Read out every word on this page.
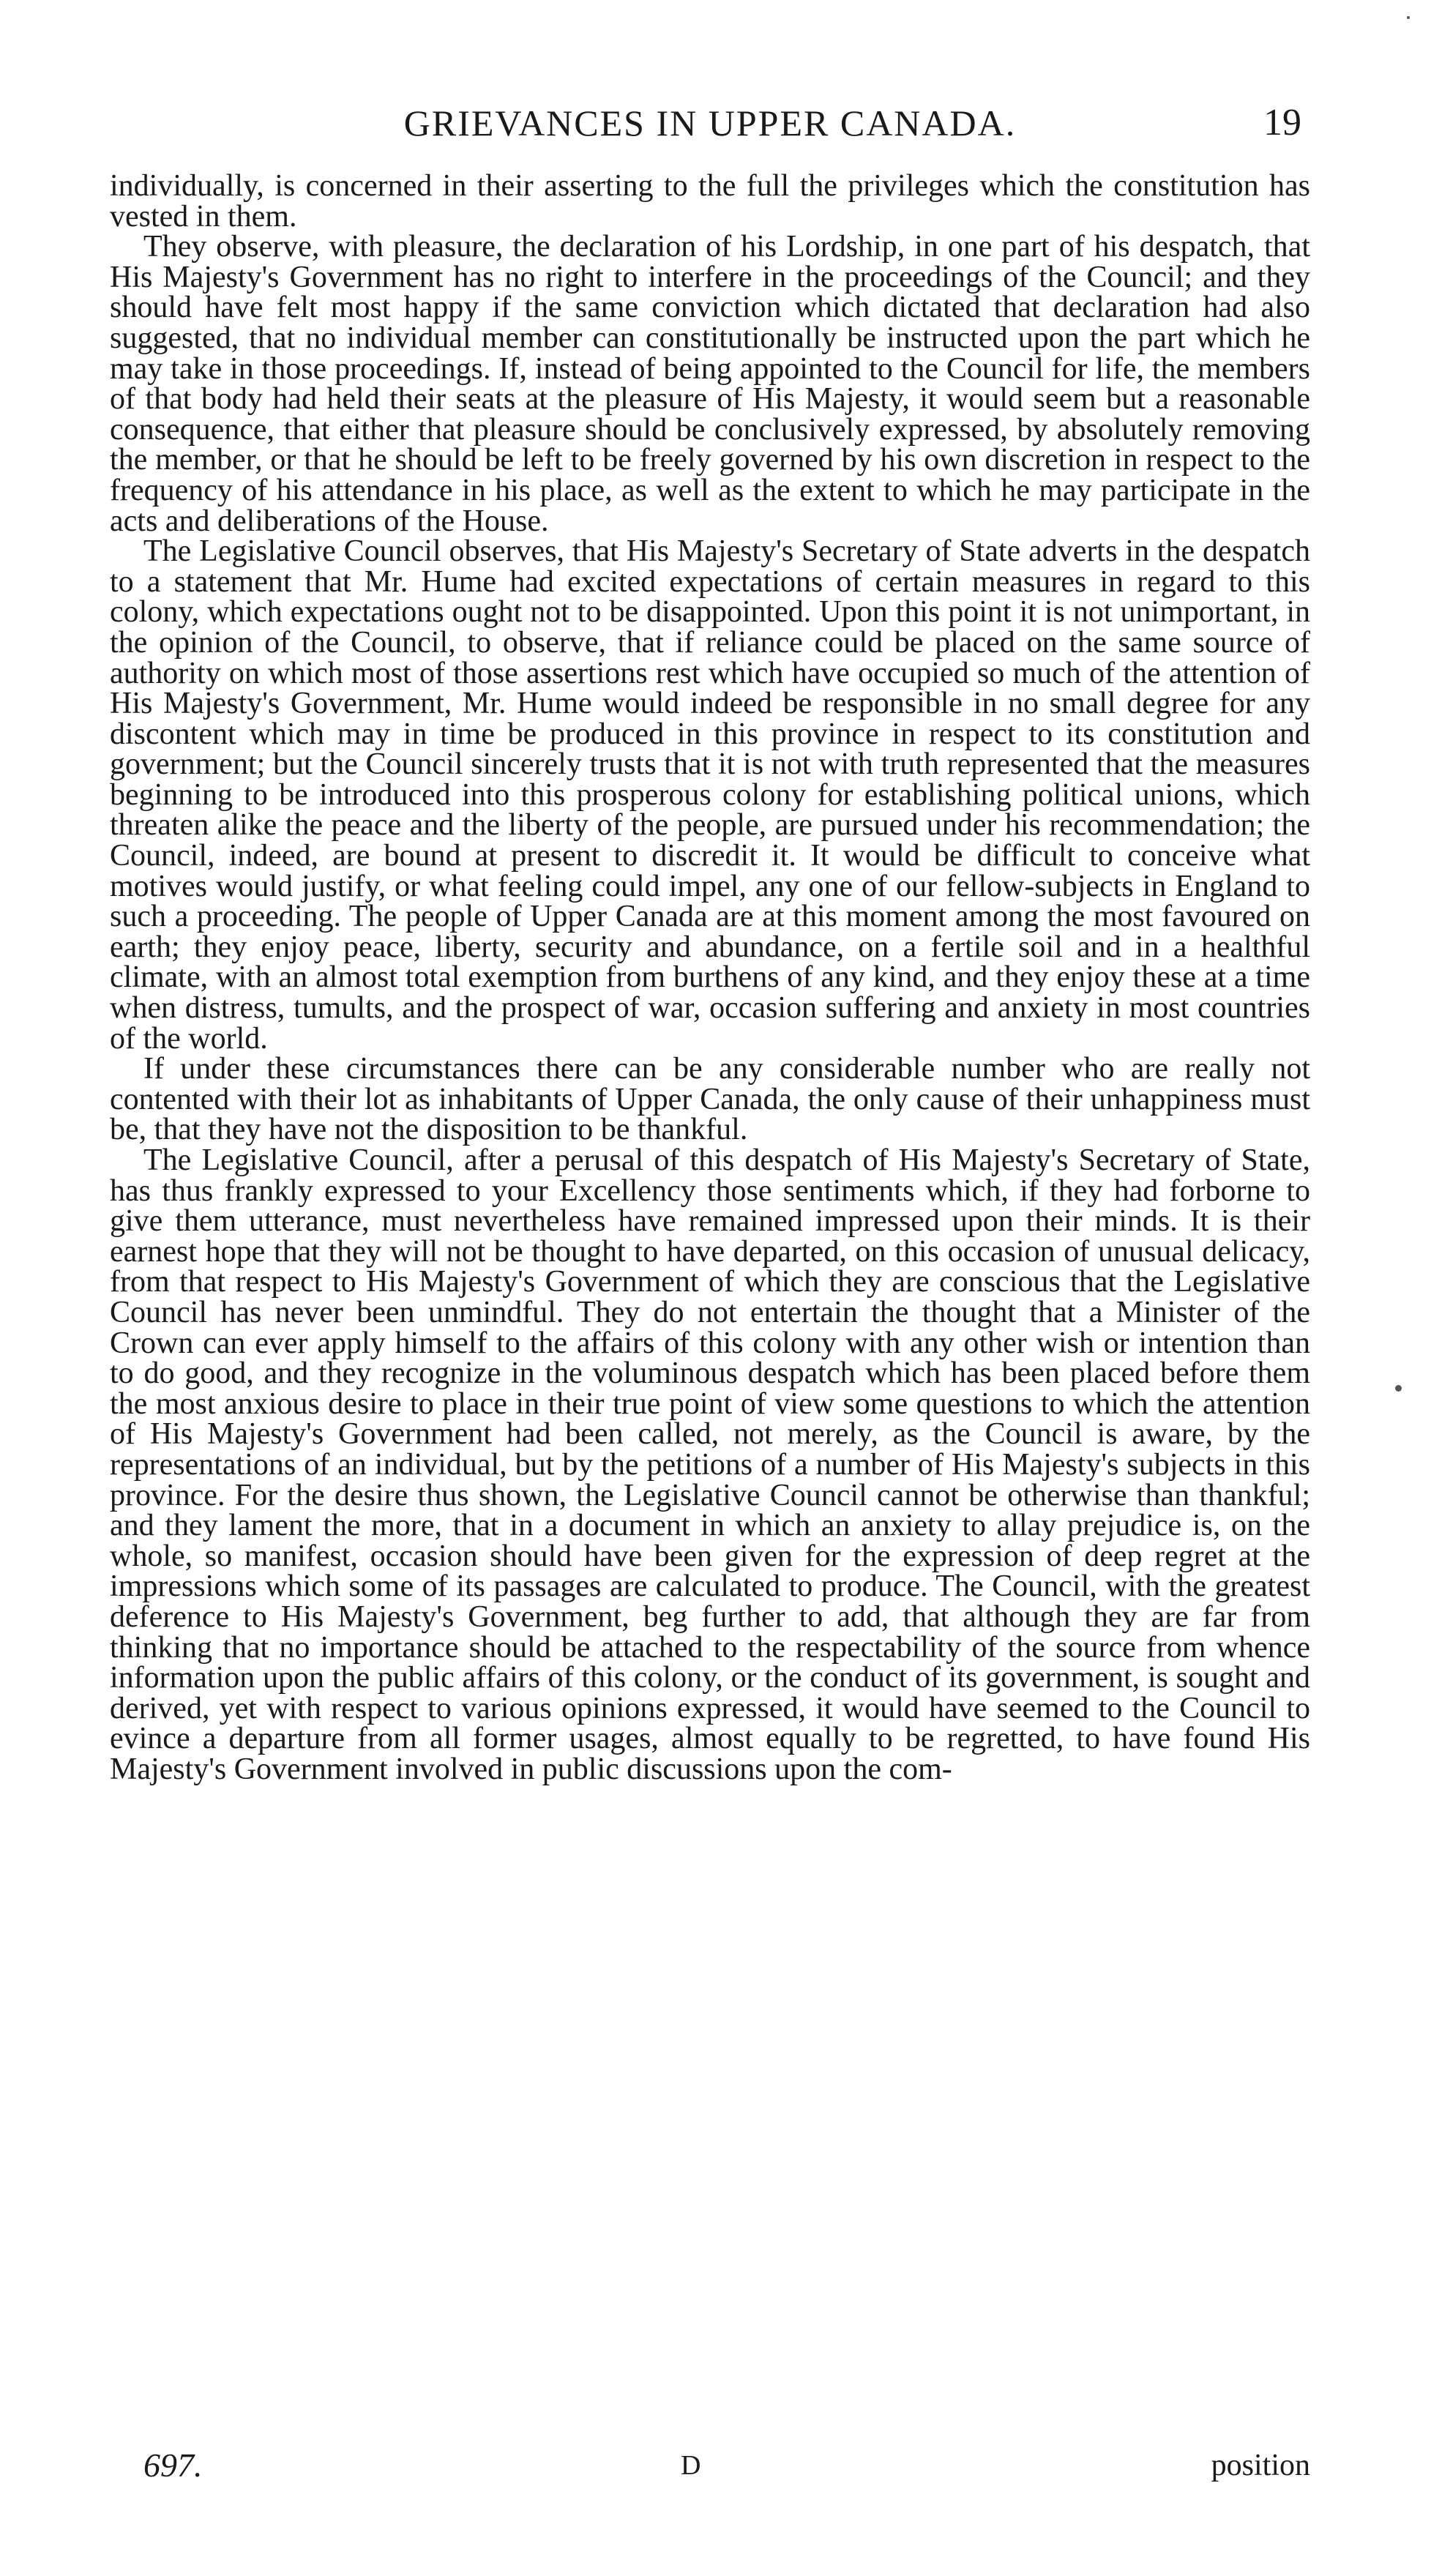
GRIEVANCES IN UPPER CANADA.	19

individually, is concerned in their asserting to the full the privileges which the constitution has vested in them.

They observe, with pleasure, the declaration of his Lordship, in one part of his despatch, that His Majesty's Government has no right to interfere in the proceedings of the Council; and they should have felt most happy if the same conviction which dictated that declaration had also suggested, that no individual member can constitutionally be instructed upon the part which he may take in those proceedings. If, instead of being appointed to the Council for life, the members of that body had held their seats at the pleasure of His Majesty, it would seem but a reasonable consequence, that either that pleasure should be conclusively expressed, by absolutely removing the member, or that he should be left to be freely governed by his own discretion in respect to the frequency of his attendance in his place, as well as the extent to which he may participate in the acts and deliberations of the House.

The Legislative Council observes, that His Majesty's Secretary of State adverts in the despatch to a statement that Mr. Hume had excited expectations of certain measures in regard to this colony, which expectations ought not to be disappointed. Upon this point it is not unimportant, in the opinion of the Council, to observe, that if reliance could be placed on the same source of authority on which most of those assertions rest which have occupied so much of the attention of His Majesty's Government, Mr. Hume would indeed be responsible in no small degree for any discontent which may in time be produced in this province in respect to its constitution and government; but the Council sincerely trusts that it is not with truth represented that the measures beginning to be introduced into this prosperous colony for establishing political unions, which threaten alike the peace and the liberty of the people, are pursued under his recommendation; the Council, indeed, are bound at present to discredit it. It would be difficult to conceive what motives would justify, or what feeling could impel, any one of our fellow-subjects in England to such a proceeding. The people of Upper Canada are at this moment among the most favoured on earth; they enjoy peace, liberty, security and abundance, on a fertile soil and in a healthful climate, with an almost total exemption from burthens of any kind, and they enjoy these at a time when distress, tumults, and the prospect of war, occasion suffering and anxiety in most countries of the world.

If under these circumstances there can be any considerable number who are really not contented with their lot as inhabitants of Upper Canada, the only cause of their unhappiness must be, that they have not the disposition to be thankful.

The Legislative Council, after a perusal of this despatch of His Majesty's Secretary of State, has thus frankly expressed to your Excellency those sentiments which, if they had forborne to give them utterance, must nevertheless have remained impressed upon their minds. It is their earnest hope that they will not be thought to have departed, on this occasion of unusual delicacy, from that respect to His Majesty's Government of which they are conscious that the Legislative Council has never been unmindful. They do not entertain the thought that a Minister of the Crown can ever apply himself to the affairs of this colony with any other wish or intention than to do good, and they recognize in the voluminous despatch which has been placed before them the most anxious desire to place in their true point of view some questions to which the attention of His Majesty's Government had been called, not merely, as the Council is aware, by the representations of an individual, but by the petitions of a number of His Majesty's subjects in this province. For the desire thus shown, the Legislative Council cannot be otherwise than thankful; and they lament the more, that in a document in which an anxiety to allay prejudice is, on the whole, so manifest, occasion should have been given for the expression of deep regret at the impressions which some of its passages are calculated to produce. The Council, with the greatest deference to His Majesty's Government, beg further to add, that although they are far from thinking that no importance should be attached to the respectability of the source from whence information upon the public affairs of this colony, or the conduct of its government, is sought and derived, yet with respect to various opinions expressed, it would have seemed to the Council to evince a departure from all former usages, almost equally to be regretted, to have found His Majesty's Government involved in public discussions upon the com-

697.	D	position
